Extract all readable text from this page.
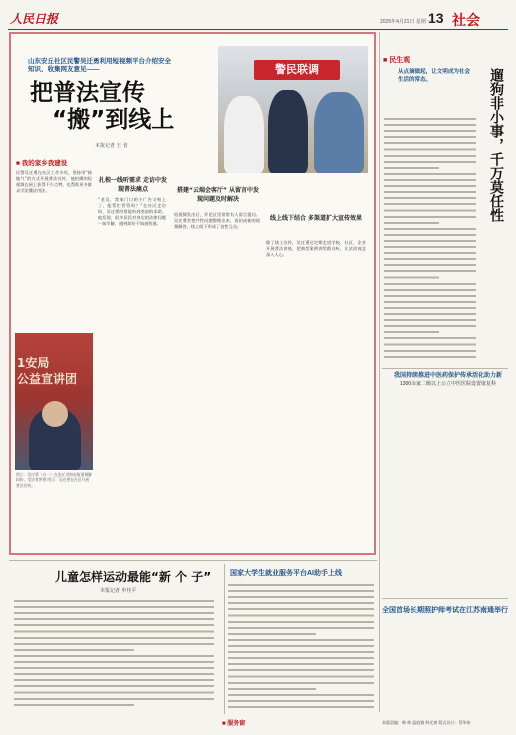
人民日报	2025年4月21日 星期一
13 社会
山东安丘社区民警吴迁勇利用短视频平台介绍安全
知识、收集网友意见——
把普法宣传
“搬”到线上
本报记者 王 者
警民联调
■ 我的家乡我建设
民警吴迁勇在社区工作多年，坚持用“接地气”的方式开展普法宣传，他拍摄的短视频在网上获得不少点赞，也帮助更多群众学法懂法用法。
1安局
公益宣讲团
图①：吴迁勇（右一）在安丘市海安街道调解纠纷。受访者供图 图②：吴迁勇在社区开展普法宣传。
扎根一线听需求 走访中发现普法痛点
“老吴，我家门口的小广告又贴上了，能帮忙管管吗？”在社区走访时，吴迁勇经常能听到类似的求助。他发现，很多居民对身边的法律问题一知半解，遇到纠纷不知道找谁。
搭建“云端会客厅” 从留言中发现问题及时解决
短视频发出后，评论区里常常有人留言提问。吴迁勇会把共性问题整理出来，再拍成新的视频解答，线上线下形成了良性互动。
线上线下结合 多渠道扩大宣传效果
除了线上宣传，吴迁勇还定期走进学校、社区、企业开展普法讲座，把典型案例讲给群众听，让法治观念深入人心。
■ 民生观
从点滴做起，让文明成为社会生活的常态。	遛狗非小事，千万莫任性
我国持续推进中医药保护传承活化助力新
1300余家二级以上公立中医医院设置康复科
全国首场长期照护师考试在江苏南通举行
儿童怎样运动最能“新 个 子”
本报记者 申佳平
国家大学生就业服务平台AI助手上线
■ 服务窗	本版责编：韩 帅 温庭雅 鲜光黄 版式设计：蔡华伟
